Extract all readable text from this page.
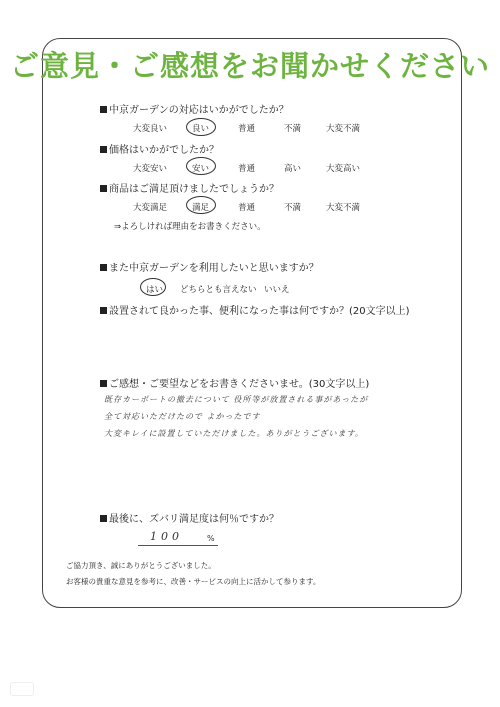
ご意見・ご感想をお聞かせください
中京ガーデンの対応はいかがでしたか？
大変良い	良い	普通	不満	大変不満
価格はいかがでしたか？
大変安い	安い	普通	高い	大変高い
商品はご満足頂けましたでしょうか？
大変満足	満足	普通	不満	大変不満
⇒よろしければ理由をお書きください。
また中京ガーデンを利用したいと思いますか？
はい どちらとも言えない いいえ
設置されて良かった事、便利になった事は何ですか？(20文字以上)
ご感想・ご要望などをお書きくださいませ。(30文字以上)
既存カーポートの撤去について 役所等が放置される事があったが
全て対応いただけたので よかったです
大変キレイに設置していただけました。ありがとうございます。
最後に、ズバリ満足度は何％ですか？
100	%
ご協力頂き、誠にありがとうございました。
お客様の貴重な意見を参考に、改善・サービスの向上に活かして参ります。
